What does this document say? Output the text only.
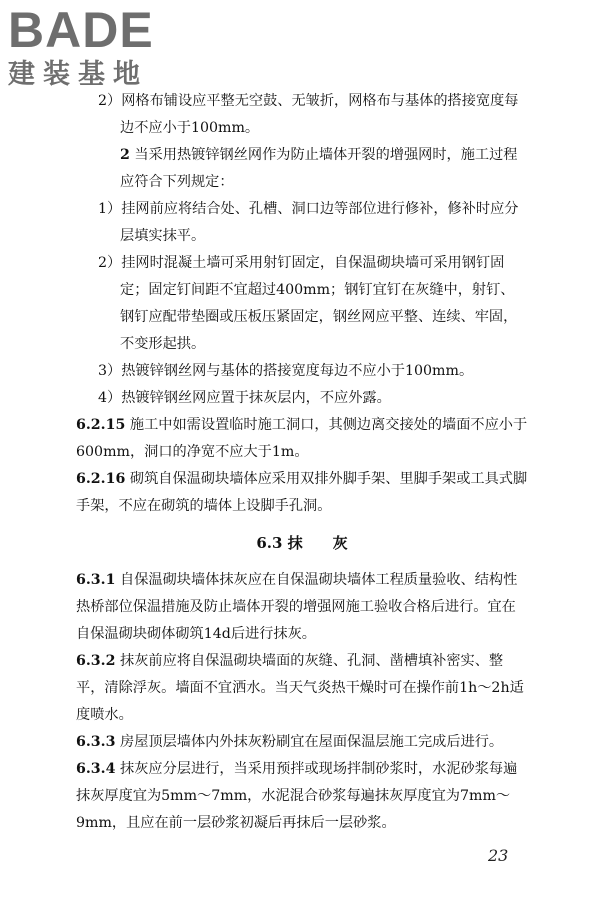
BADE
建装基地

2）网格布铺设应平整无空鼓、无皱折，网格布与基体的搭接宽度每边不应小于100mm。

2 当采用热镀锌钢丝网作为防止墙体开裂的增强网时，施工过程应符合下列规定：

1）挂网前应将结合处、孔槽、洞口边等部位进行修补，修补时应分层填实抹平。

2）挂网时混凝土墙可采用射钉固定，自保温砌块墙可采用钢钉固定；固定钉间距不宜超过400mm；钢钉宜钉在灰缝中，射钉、钢钉应配带垫圈或压板压紧固定，钢丝网应平整、连续、牢固，不变形起拱。

3）热镀锌钢丝网与基体的搭接宽度每边不应小于100mm。

4）热镀锌钢丝网应置于抹灰层内，不应外露。

6.2.15 施工中如需设置临时施工洞口，其侧边离交接处的墙面不应小于600mm，洞口的净宽不应大于1m。

6.2.16 砌筑自保温砌块墙体应采用双排外脚手架、里脚手架或工具式脚手架，不应在砌筑的墙体上设脚手孔洞。

6.3 抹　　灰

6.3.1 自保温砌块墙体抹灰应在自保温砌块墙体工程质量验收、结构性热桥部位保温措施及防止墙体开裂的增强网施工验收合格后进行。宜在自保温砌块砌体砌筑14d后进行抹灰。

6.3.2 抹灰前应将自保温砌块墙面的灰缝、孔洞、凿槽填补密实、整平，清除浮灰。墙面不宜洒水。当天气炎热干燥时可在操作前1h～2h适度喷水。

6.3.3 房屋顶层墙体内外抹灰粉刷宜在屋面保温层施工完成后进行。

6.3.4 抹灰应分层进行，当采用预拌或现场拌制砂浆时，水泥砂浆每遍抹灰厚度宜为5mm～7mm，水泥混合砂浆每遍抹灰厚度宜为7mm～9mm，且应在前一层砂浆初凝后再抹后一层砂浆。

23
